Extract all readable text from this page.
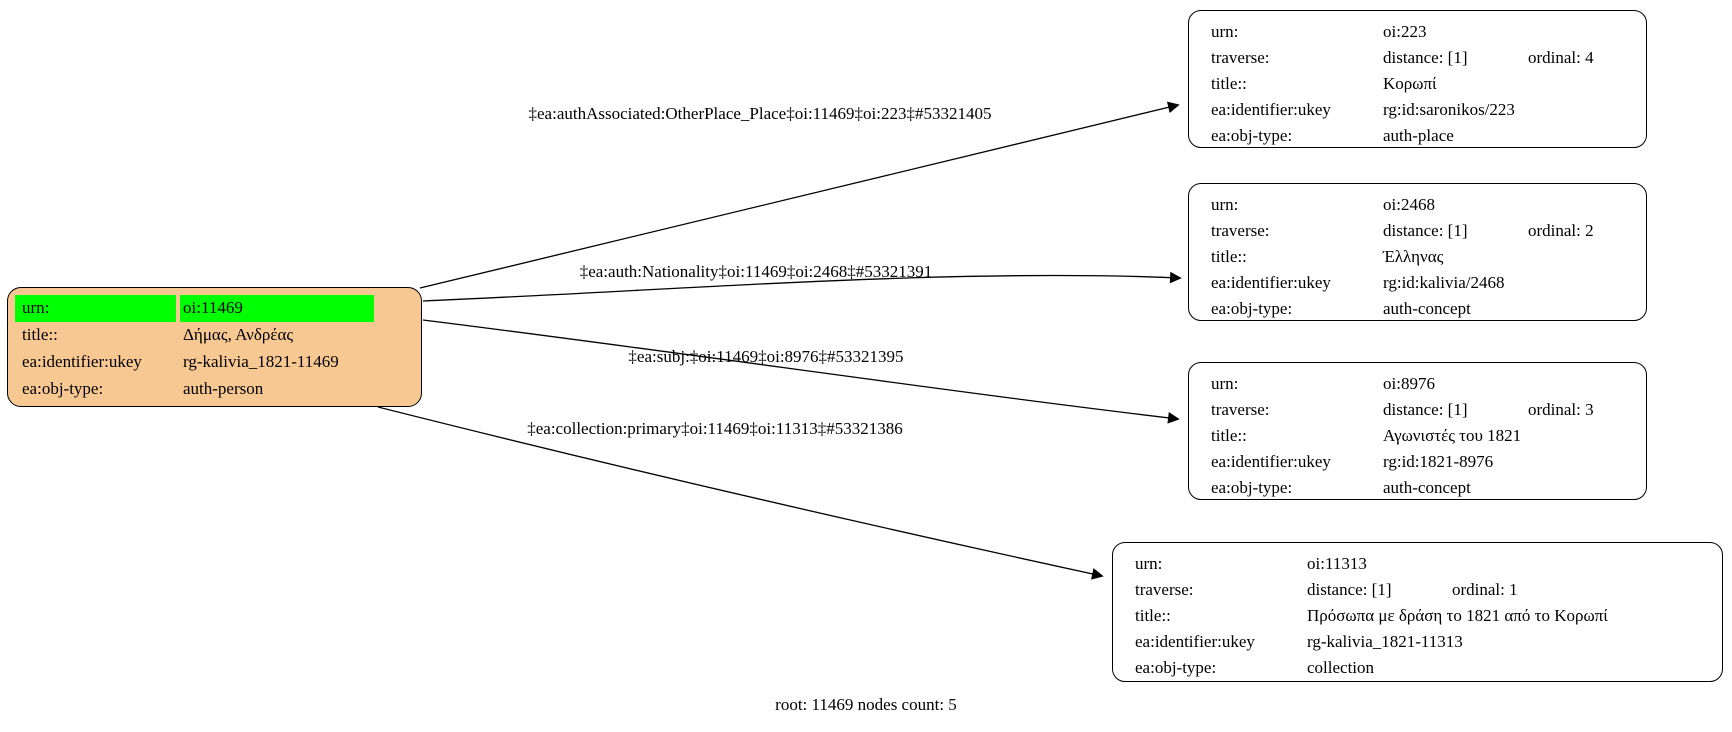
urn:	oi:11469
title::	Δήμας, Ανδρέας
ea:identifier:ukey	rg-kalivia_1821-11469
ea:obj-type:	auth-person
urn:	oi:223
traverse:	distance: [1]	ordinal: 4
title::	Κορωπί
ea:identifier:ukey	rg:id:saronikos/223
ea:obj-type:	auth-place
urn:	oi:2468
traverse:	distance: [1]	ordinal: 2
title::	Έλληνας
ea:identifier:ukey	rg:id:kalivia/2468
ea:obj-type:	auth-concept
urn:	oi:8976
traverse:	distance: [1]	ordinal: 3
title::	Αγωνιστές του 1821
ea:identifier:ukey	rg:id:1821-8976
ea:obj-type:	auth-concept
urn:	oi:11313
traverse:	distance: [1]	ordinal: 1
title::	Πρόσωπα με δράση το 1821 από το Κορωπί
ea:identifier:ukey	rg-kalivia_1821-11313
ea:obj-type:	collection
‡ea:authAssociated:OtherPlace_Place‡oi:11469‡oi:223‡#53321405
‡ea:auth:Nationality‡oi:11469‡oi:2468‡#53321391
‡ea:subj:‡oi:11469‡oi:8976‡#53321395
‡ea:collection:primary‡oi:11469‡oi:11313‡#53321386
root: 11469 nodes count: 5
